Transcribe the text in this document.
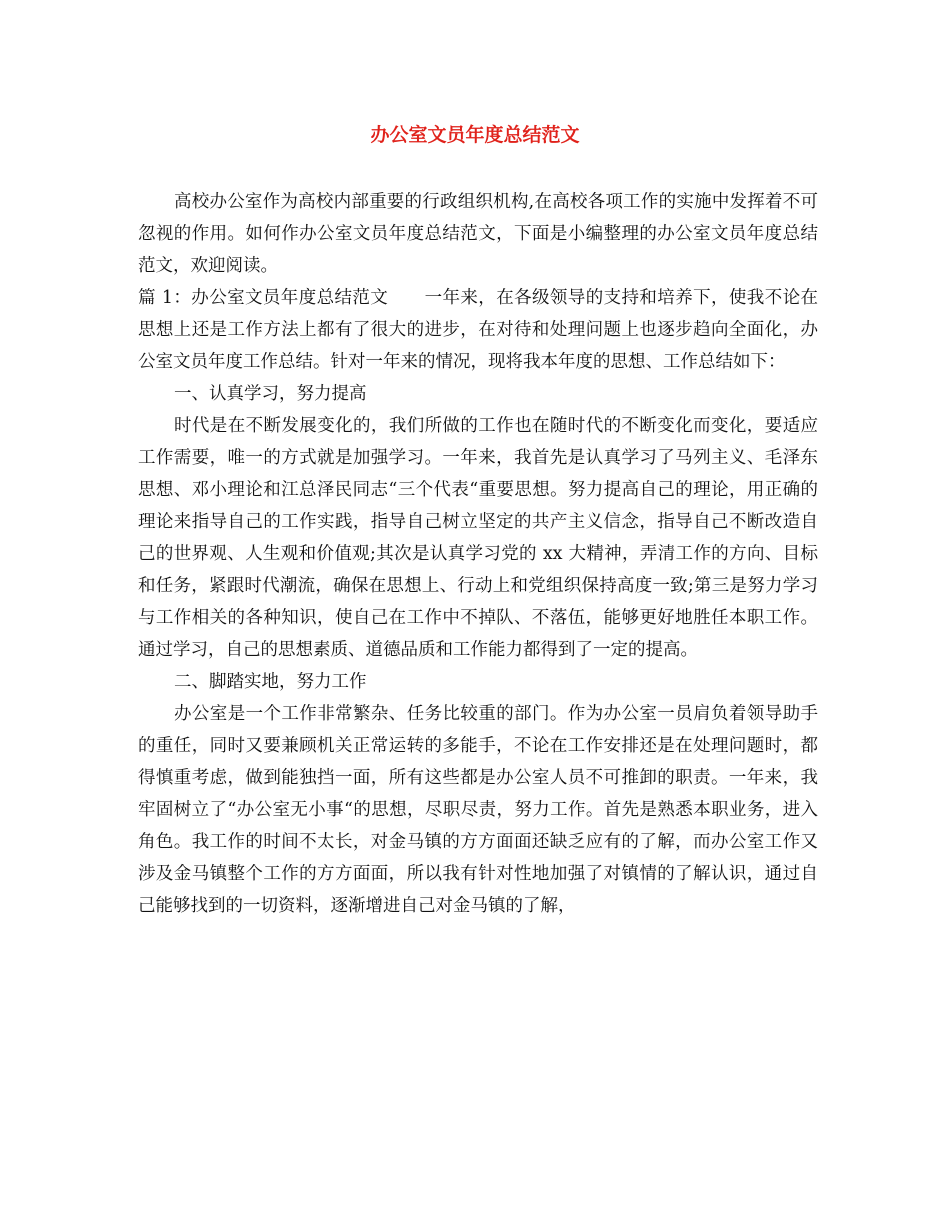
办公室文员年度总结范文

高校办公室作为高校内部重要的行政组织机构,在高校各项工作的实施中发挥着不可忽视的作用。如何作办公室文员年度总结范文，下面是小编整理的办公室文员年度总结范文，欢迎阅读。

篇 1：办公室文员年度总结范文 一年来，在各级领导的支持和培养下，使我不论在思想上还是工作方法上都有了很大的进步，在对待和处理问题上也逐步趋向全面化，办公室文员年度工作总结。针对一年来的情况，现将我本年度的思想、工作总结如下：

一、认真学习，努力提高

时代是在不断发展变化的，我们所做的工作也在随时代的不断变化而变化，要适应工作需要，唯一的方式就是加强学习。一年来，我首先是认真学习了马列主义、毛泽东思想、邓小理论和江总泽民同志“三个代表“重要思想。努力提高自己的理论，用正确的理论来指导自己的工作实践，指导自己树立坚定的共产主义信念，指导自己不断改造自己的世界观、人生观和价值观;其次是认真学习党的 xx 大精神，弄清工作的方向、目标和任务，紧跟时代潮流，确保在思想上、行动上和党组织保持高度一致;第三是努力学习与工作相关的各种知识，使自己在工作中不掉队、不落伍，能够更好地胜任本职工作。通过学习，自己的思想素质、道德品质和工作能力都得到了一定的提高。

二、脚踏实地，努力工作

办公室是一个工作非常繁杂、任务比较重的部门。作为办公室一员肩负着领导助手的重任，同时又要兼顾机关正常运转的多能手，不论在工作安排还是在处理问题时，都得慎重考虑，做到能独挡一面，所有这些都是办公室人员不可推卸的职责。一年来，我牢固树立了“办公室无小事“的思想，尽职尽责，努力工作。首先是熟悉本职业务，进入角色。我工作的时间不太长，对金马镇的方方面面还缺乏应有的了解，而办公室工作又涉及金马镇整个工作的方方面面，所以我有针对性地加强了对镇情的了解认识，通过自己能够找到的一切资料，逐渐增进自己对金马镇的了解，
